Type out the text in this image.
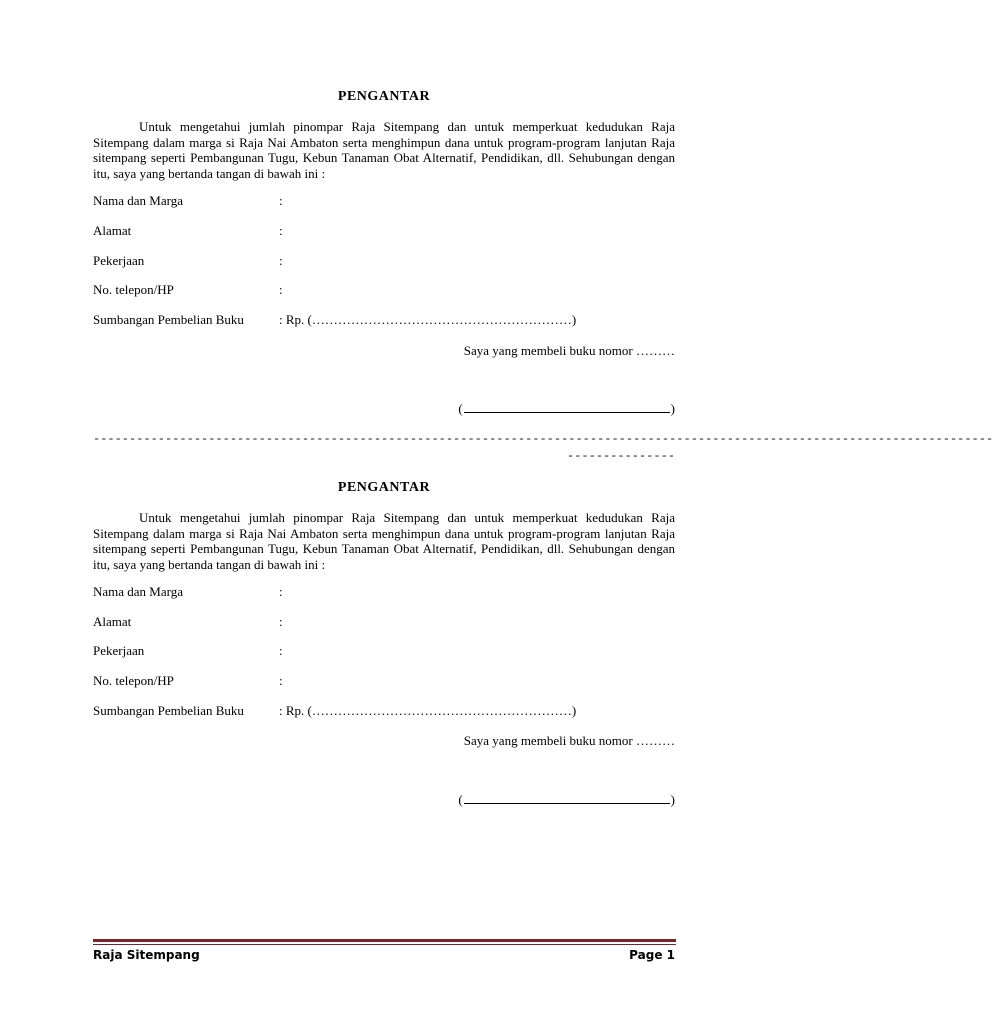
PENGANTAR

Untuk mengetahui jumlah pinompar Raja Sitempang dan untuk memperkuat kedudukan Raja Sitempang dalam marga si Raja Nai Ambaton serta menghimpun dana untuk program-program lanjutan Raja sitempang seperti Pembangunan Tugu, Kebun Tanaman Obat Alternatif, Pendidikan, dll. Sehubungan dengan itu, saya yang bertanda tangan di bawah ini :

Nama dan Marga	:
Alamat	:
Pekerjaan	:
No. telepon/HP	:
Sumbangan Pembelian Buku	: Rp. (……………………………………………………)
Saya yang membeli buku nomor ………
(	)
-----------------------------------------------------------------------------------------------------------------------------
---------------

PENGANTAR

Untuk mengetahui jumlah pinompar Raja Sitempang dan untuk memperkuat kedudukan Raja Sitempang dalam marga si Raja Nai Ambaton serta menghimpun dana untuk program-program lanjutan Raja sitempang seperti Pembangunan Tugu, Kebun Tanaman Obat Alternatif, Pendidikan, dll. Sehubungan dengan itu, saya yang bertanda tangan di bawah ini :

Nama dan Marga	:
Alamat	:
Pekerjaan	:
No. telepon/HP	:
Sumbangan Pembelian Buku	: Rp. (……………………………………………………)
Saya yang membeli buku nomor ………
(	)
Raja Sitempang	Page 1
